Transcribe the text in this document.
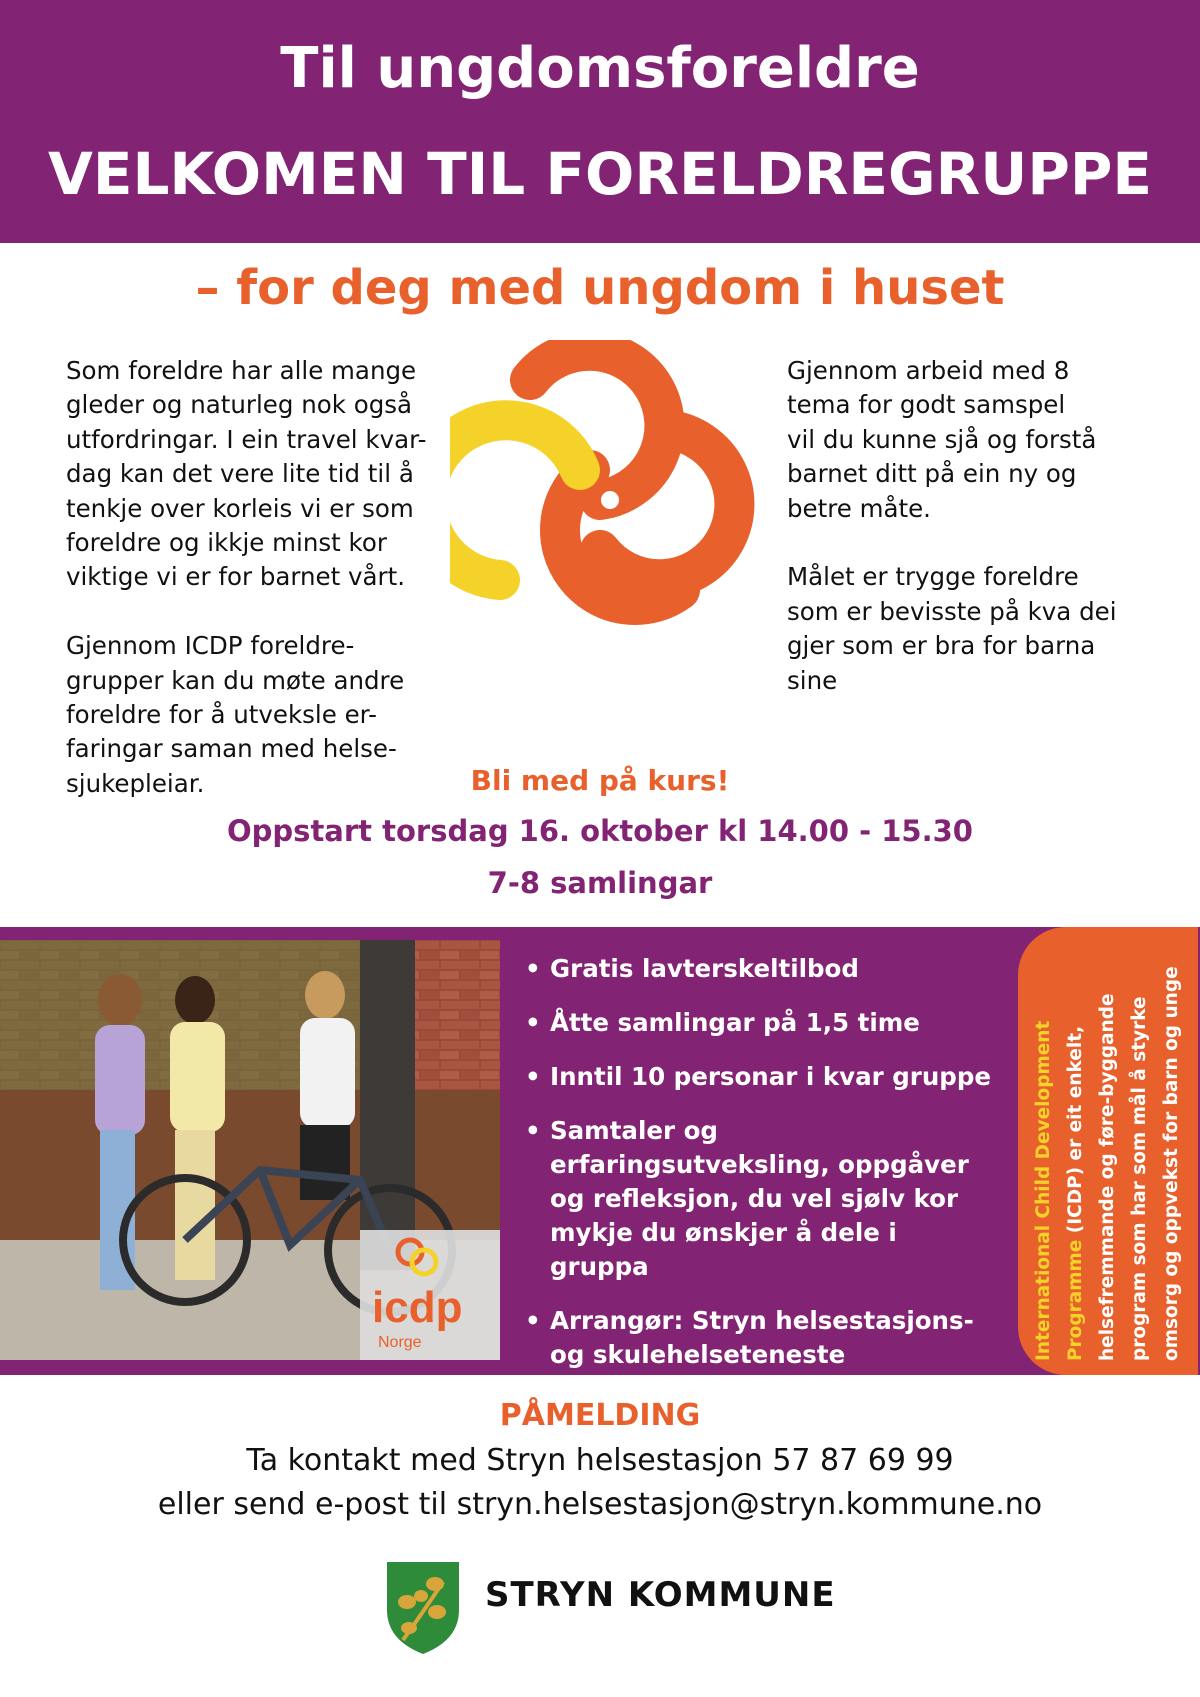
Til ungdomsforeldre
VELKOMEN TIL FORELDREGRUPPE
– for deg med ungdom i huset
Som foreldre har alle mange
gleder og naturleg nok også
utfordringar. I ein travel kvar-
dag kan det vere lite tid til å
tenkje over korleis vi er som
foreldre og ikkje minst kor
viktige vi er for barnet vårt.

Gjennom ICDP foreldre-
grupper kan du møte andre
foreldre for å utveksle er-
faringar saman med helse-
sjukepleiar.
Gjennom arbeid med 8
tema for godt samspel
vil du kunne sjå og forstå
barnet ditt på ein ny og
betre måte.

Målet er trygge foreldre
som er bevisste på kva dei
gjer som er bra for barna
sine
Bli med på kurs!
Oppstart torsdag 16. oktober kl 14.00 - 15.30
7-8 samlingar
icdp
Norge
• Gratis lavterskeltilbod
• Åtte samlingar på 1,5 time
• Inntil 10 personar i kvar gruppe
• Samtaler og erfaringsutveksling, oppgåver og refleksjon, du vel sjølv kor mykje du ønskjer å dele i gruppa
• Arrangør: Stryn helsestasjons- og skulehelseteneste	International Child Development Programme (ICDP) er eit enkelt, helsefremmande og føre-byggande program som har som mål å styrke omsorg og oppvekst for barn og unge
PÅMELDING
Ta kontakt med Stryn helsestasjon 57 87 69 99
eller send e-post til stryn.helsestasjon@stryn.kommune.no
STRYN KOMMUNE
